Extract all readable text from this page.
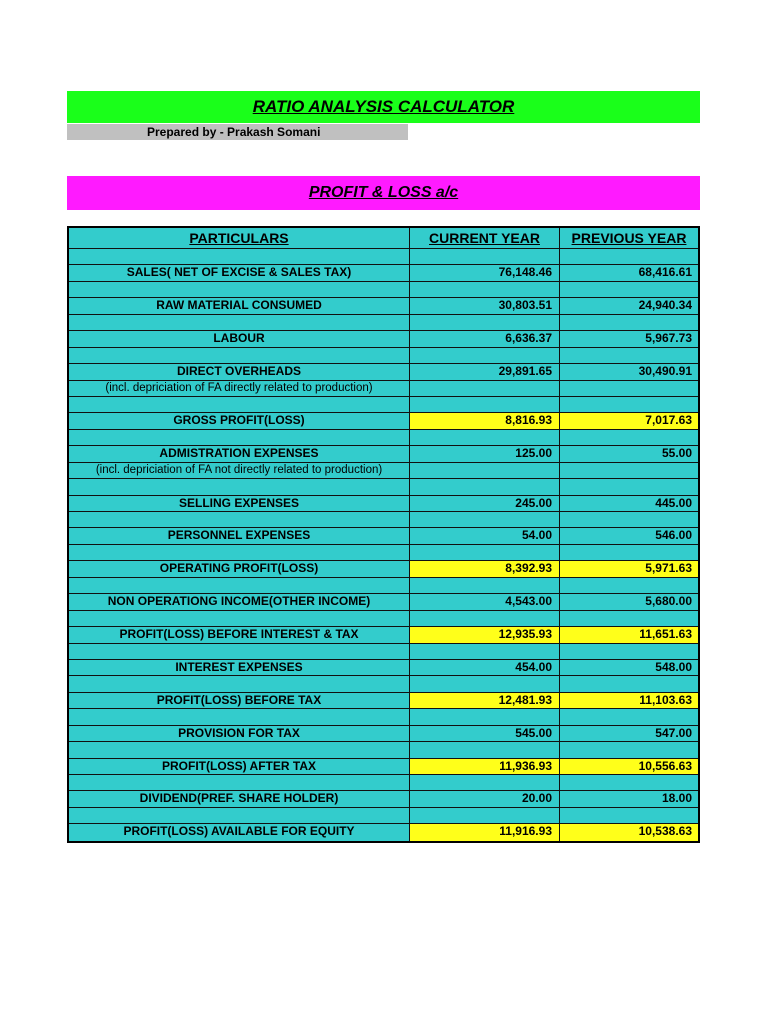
RATIO ANALYSIS CALCULATOR
Prepared by - Prakash Somani
PROFIT & LOSS a/c
PARTICULARS	CURRENT YEAR	PREVIOUS YEAR
SALES( NET OF EXCISE & SALES TAX)	76,148.46	68,416.61
RAW MATERIAL CONSUMED	30,803.51	24,940.34
LABOUR	6,636.37	5,967.73
DIRECT OVERHEADS	29,891.65	30,490.91
(incl. depriciation of FA directly related to production)
GROSS PROFIT(LOSS)	8,816.93	7,017.63
ADMISTRATION EXPENSES	125.00	55.00
(incl. depriciation of FA not directly related to production)
SELLING EXPENSES	245.00	445.00
PERSONNEL EXPENSES	54.00	546.00
OPERATING PROFIT(LOSS)	8,392.93	5,971.63
NON OPERATIONG INCOME(OTHER INCOME)	4,543.00	5,680.00
PROFIT(LOSS) BEFORE INTEREST & TAX	12,935.93	11,651.63
INTEREST EXPENSES	454.00	548.00
PROFIT(LOSS) BEFORE TAX	12,481.93	11,103.63
PROVISION FOR TAX	545.00	547.00
PROFIT(LOSS) AFTER TAX	11,936.93	10,556.63
DIVIDEND(PREF. SHARE HOLDER)	20.00	18.00
PROFIT(LOSS) AVAILABLE FOR EQUITY	11,916.93	10,538.63
